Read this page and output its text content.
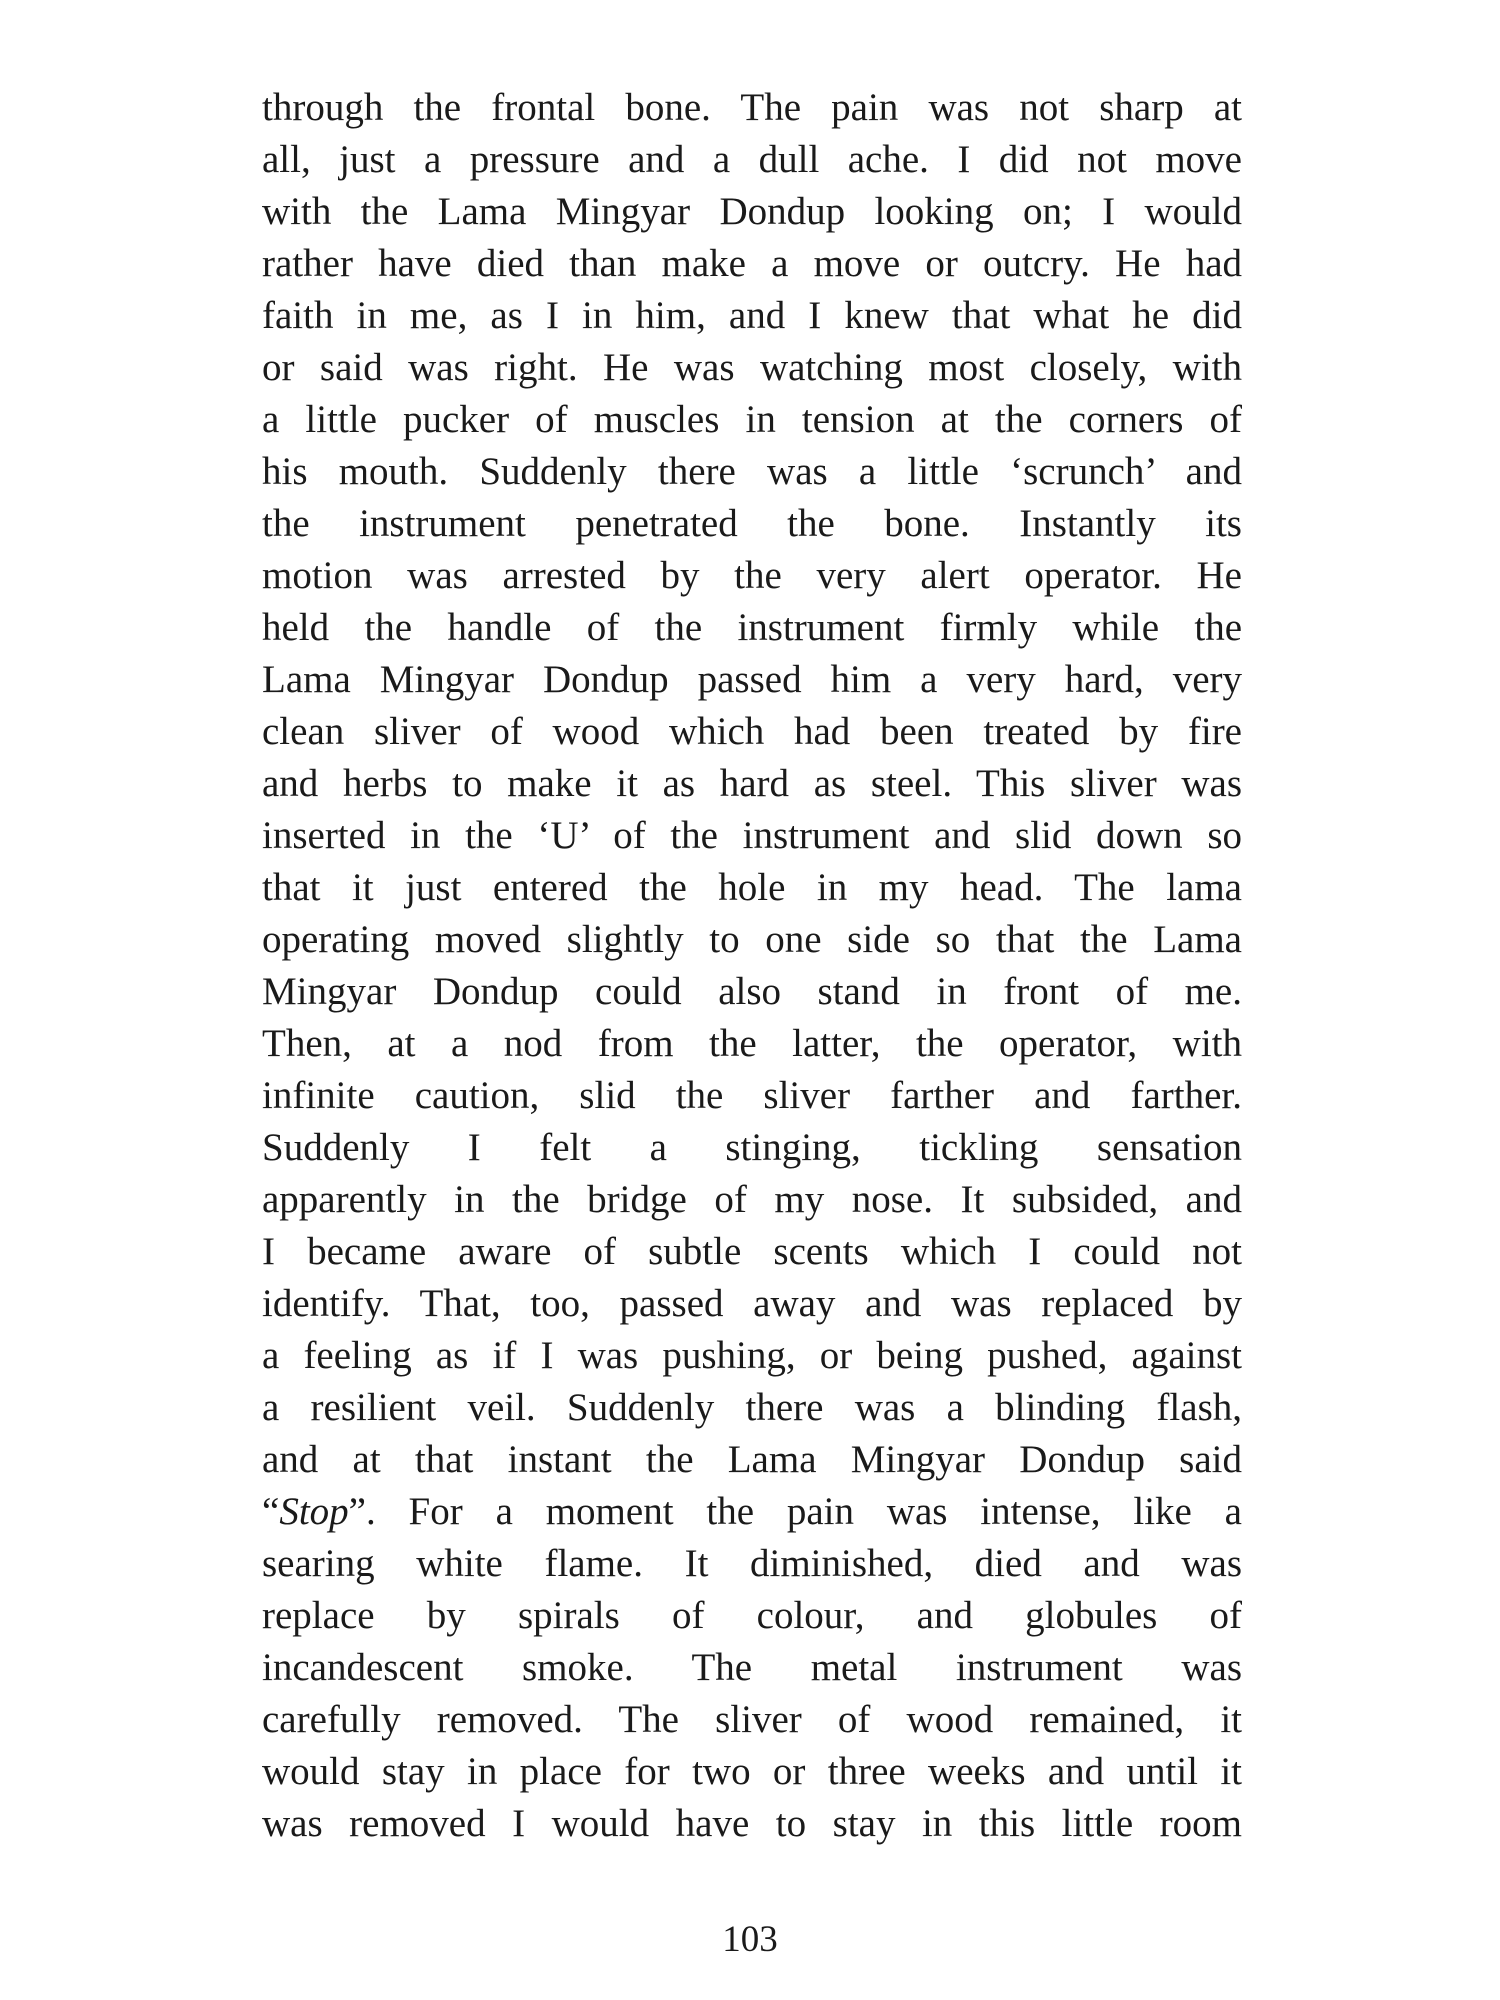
through the frontal bone. The pain was not sharp at
all, just a pressure and a dull ache. I did not move
with the Lama Mingyar Dondup looking on; I would
rather have died than make a move or outcry. He had
faith in me, as I in him, and I knew that what he did
or said was right. He was watching most closely, with
a little pucker of muscles in tension at the corners of
his mouth. Suddenly there was a little ‘scrunch’ and
the instrument penetrated the bone. Instantly its
motion was arrested by the very alert operator. He
held the handle of the instrument firmly while the
Lama Mingyar Dondup passed him a very hard, very
clean sliver of wood which had been treated by fire
and herbs to make it as hard as steel. This sliver was
inserted in the ‘U’ of the instrument and slid down so
that it just entered the hole in my head. The lama
operating moved slightly to one side so that the Lama
Mingyar Dondup could also stand in front of me.
Then, at a nod from the latter, the operator, with
infinite caution, slid the sliver farther and farther.
Suddenly I felt a stinging, tickling sensation
apparently in the bridge of my nose. It subsided, and
I became aware of subtle scents which I could not
identify. That, too, passed away and was replaced by
a feeling as if I was pushing, or being pushed, against
a resilient veil. Suddenly there was a blinding flash,
and at that instant the Lama Mingyar Dondup said
“Stop”. For a moment the pain was intense, like a
searing white flame. It diminished, died and was
replace by spirals of colour, and globules of
incandescent smoke. The metal instrument was
carefully removed. The sliver of wood remained, it
would stay in place for two or three weeks and until it
was removed I would have to stay in this little room
103
